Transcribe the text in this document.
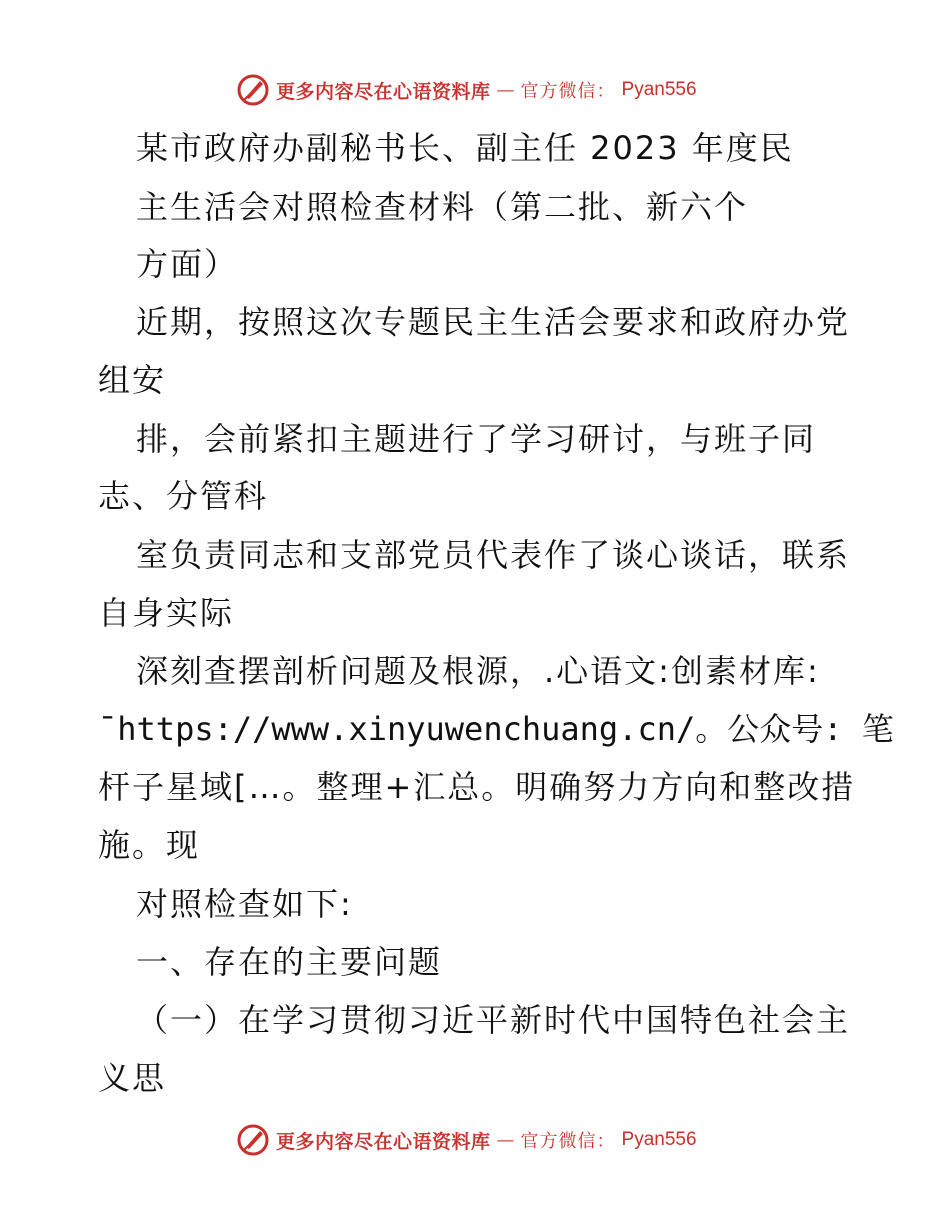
更多内容尽在心语资料库 — 官方微信： Pyan556
某市政府办副秘书长、副主任 2023 年度民
主生活会对照检查材料（第二批、新六个
方面）
近期，按照这次专题民主生活会要求和政府办党
组安
排，会前紧扣主题进行了学习研讨，与班子同
志、分管科
室负责同志和支部党员代表作了谈心谈话，联系
自身实际
深刻查摆剖析问题及根源，.心语文:创素材库:
¯https://www.xinyuwenchuang.cn/。公众号: 笔
杆子星域[…。整理+汇总。明确努力方向和整改措
施。现
对照检查如下:
一、存在的主要问题
（一）在学习贯彻习近平新时代中国特色社会主
义思
更多内容尽在心语资料库 — 官方微信： Pyan556
